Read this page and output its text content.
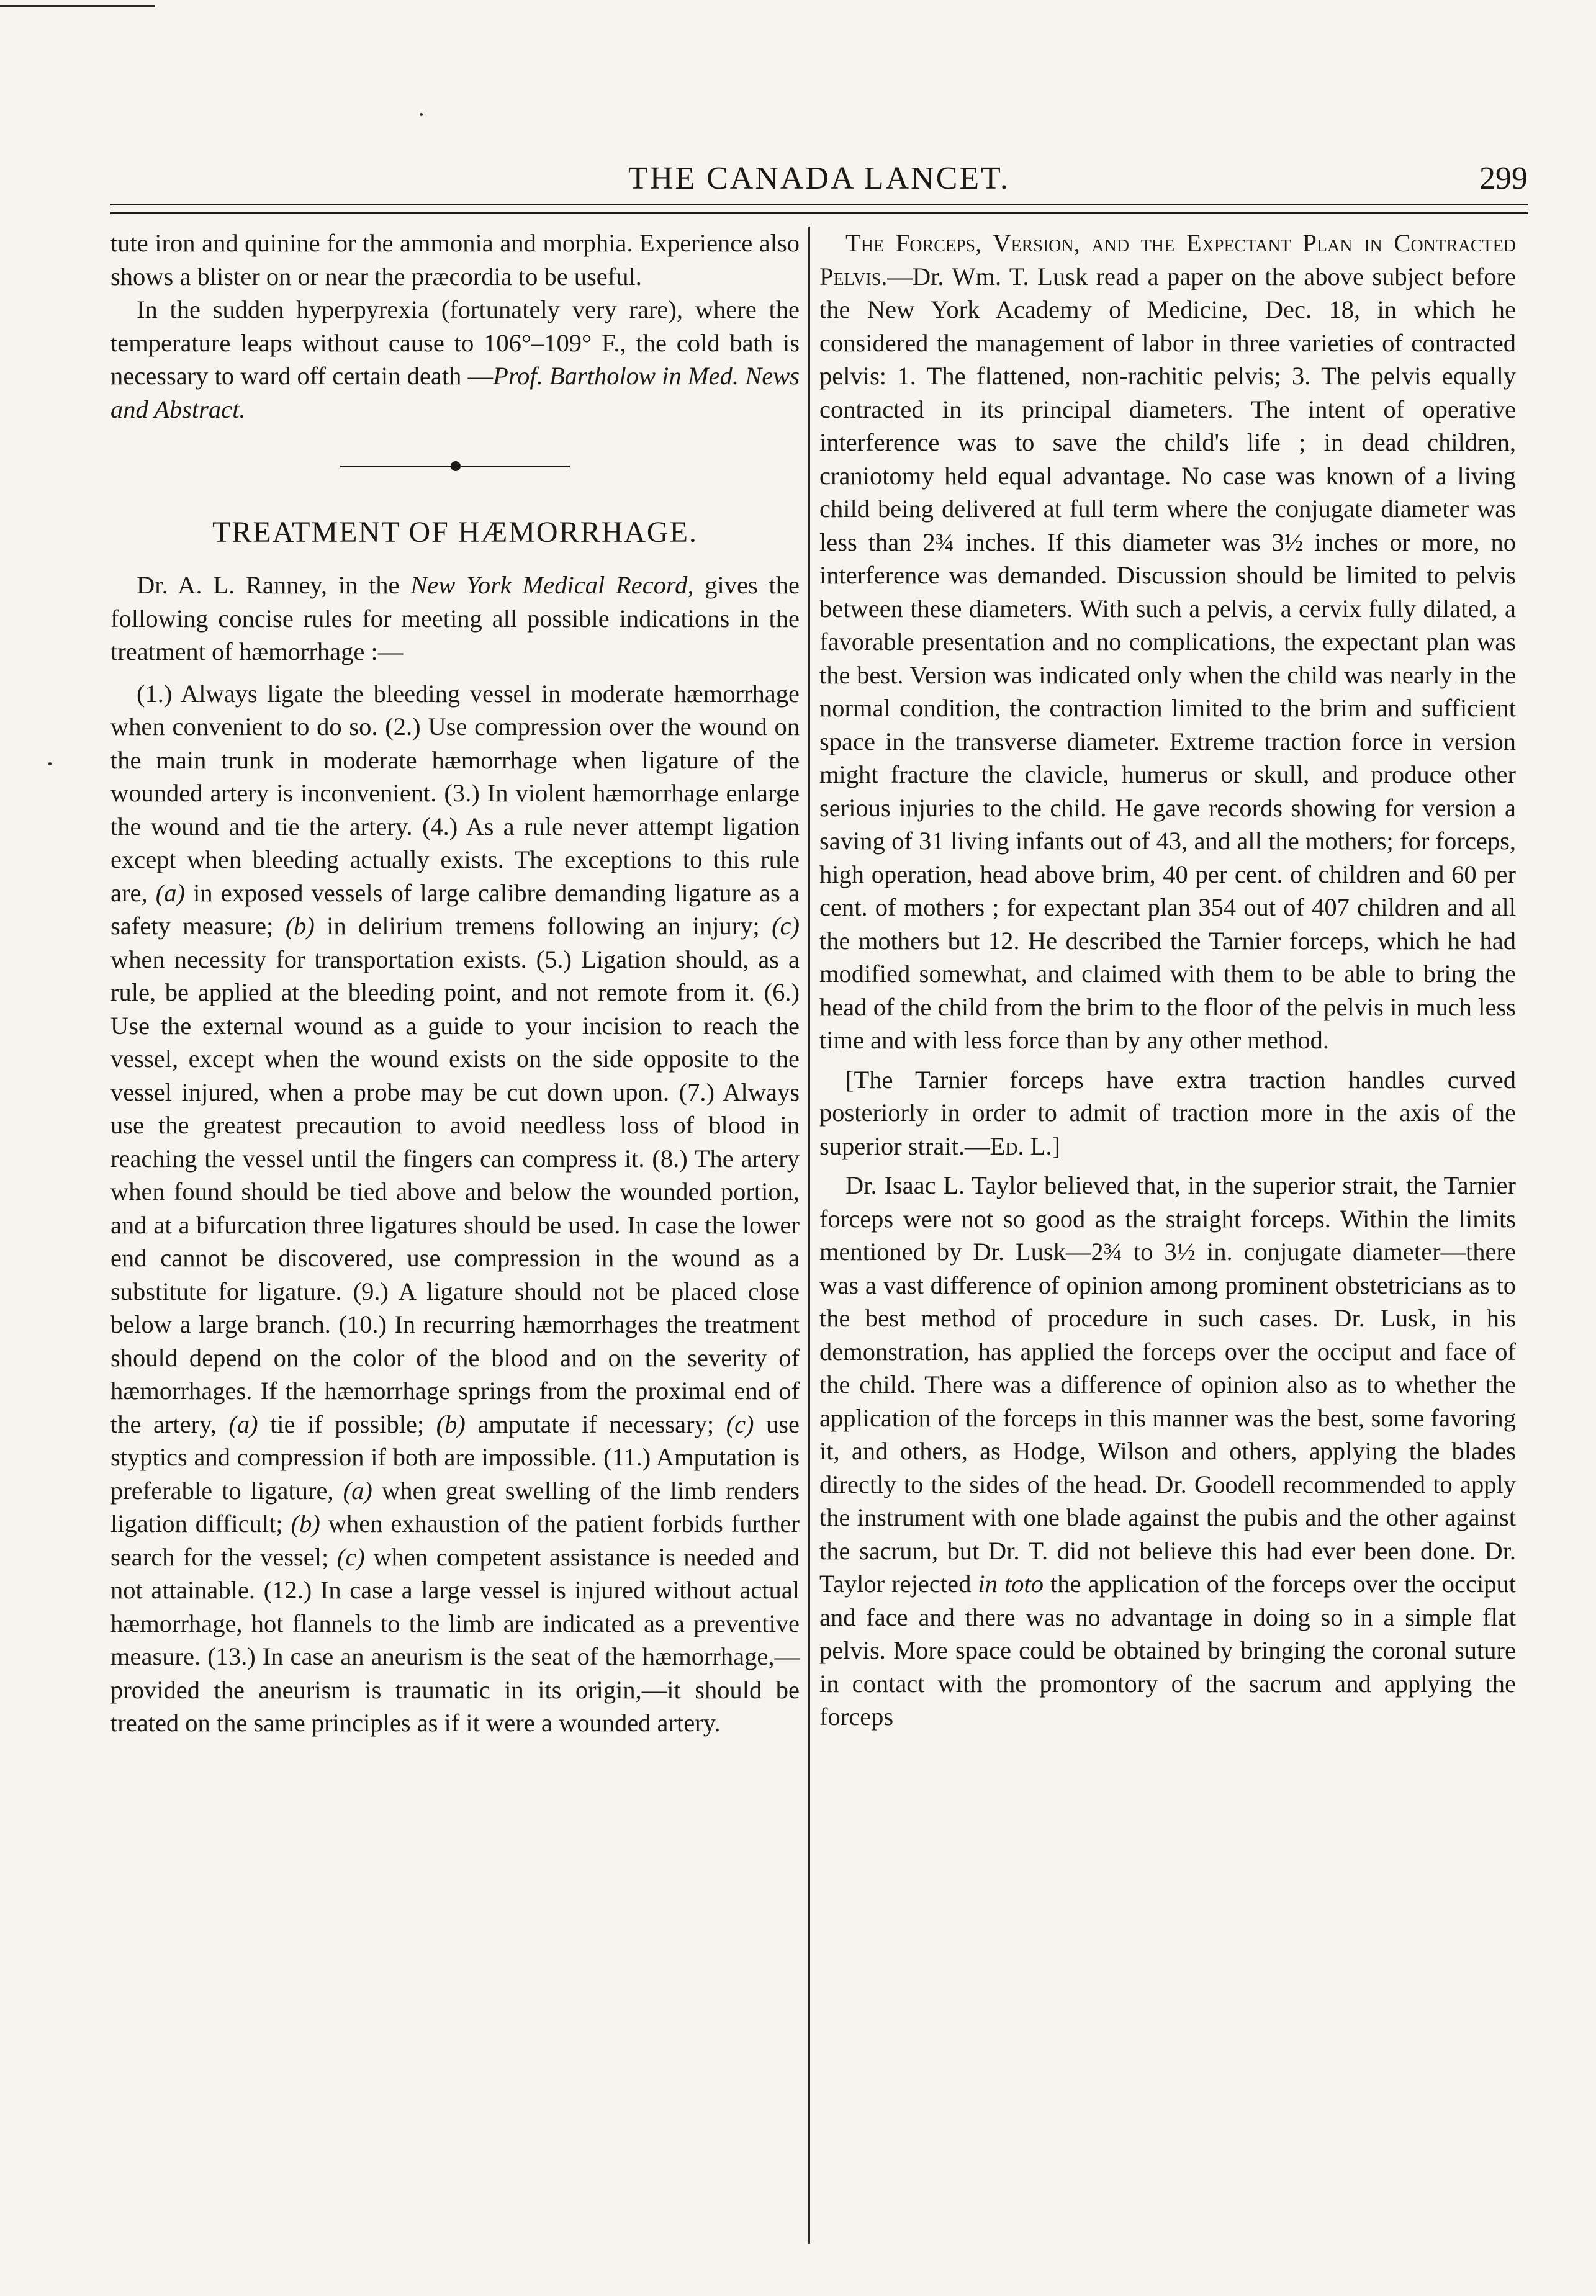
THE CANADA LANCET.	299

tute iron and quinine for the ammonia and morphia. Experience also shows a blister on or near the præcordia to be useful.

In the sudden hyperpyrexia (fortunately very rare), where the temperature leaps without cause to 106°–109° F., the cold bath is necessary to ward off certain death —Prof. Bartholow in Med. News and Abstract.

TREATMENT OF HÆMORRHAGE.

Dr. A. L. Ranney, in the New York Medical Record, gives the following concise rules for meeting all possible indications in the treatment of hæmorrhage :—

(1.) Always ligate the bleeding vessel in moderate hæmorrhage when convenient to do so. (2.) Use compression over the wound on the main trunk in moderate hæmorrhage when ligature of the wounded artery is inconvenient. (3.) In violent hæmorrhage enlarge the wound and tie the artery. (4.) As a rule never attempt ligation except when bleeding actually exists. The exceptions to this rule are, (a) in exposed vessels of large calibre demanding ligature as a safety measure; (b) in delirium tremens following an injury; (c) when necessity for transportation exists. (5.) Ligation should, as a rule, be applied at the bleeding point, and not remote from it. (6.) Use the external wound as a guide to your incision to reach the vessel, except when the wound exists on the side opposite to the vessel injured, when a probe may be cut down upon. (7.) Always use the greatest precaution to avoid needless loss of blood in reaching the vessel until the fingers can compress it. (8.) The artery when found should be tied above and below the wounded portion, and at a bifurcation three ligatures should be used. In case the lower end cannot be discovered, use compression in the wound as a substitute for ligature. (9.) A ligature should not be placed close below a large branch. (10.) In recurring hæmorrhages the treatment should depend on the color of the blood and on the severity of hæmorrhages. If the hæmorrhage springs from the proximal end of the artery, (a) tie if possible; (b) amputate if necessary; (c) use styptics and compression if both are impossible. (11.) Amputation is preferable to ligature, (a) when great swelling of the limb renders ligation difficult; (b) when exhaustion of the patient forbids further search for the vessel; (c) when competent assistance is needed and not attainable. (12.) In case a large vessel is injured without actual hæmorrhage, hot flannels to the limb are indicated as a preventive measure. (13.) In case an aneurism is the seat of the hæmorrhage,—provided the aneurism is traumatic in its origin,—it should be treated on the same principles as if it were a wounded artery.

The Forceps, Version, and the Expectant Plan in Contracted Pelvis.—Dr. Wm. T. Lusk read a paper on the above subject before the New York Academy of Medicine, Dec. 18, in which he considered the management of labor in three varieties of contracted pelvis: 1. The flattened, non-rachitic pelvis; 3. The pelvis equally contracted in its principal diameters. The intent of operative interference was to save the child's life ; in dead children, craniotomy held equal advantage. No case was known of a living child being delivered at full term where the conjugate diameter was less than 2¾ inches. If this diameter was 3½ inches or more, no interference was demanded. Discussion should be limited to pelvis between these diameters. With such a pelvis, a cervix fully dilated, a favorable presentation and no complications, the expectant plan was the best. Version was indicated only when the child was nearly in the normal condition, the contraction limited to the brim and sufficient space in the transverse diameter. Extreme traction force in version might fracture the clavicle, humerus or skull, and produce other serious injuries to the child. He gave records showing for version a saving of 31 living infants out of 43, and all the mothers; for forceps, high operation, head above brim, 40 per cent. of children and 60 per cent. of mothers ; for expectant plan 354 out of 407 children and all the mothers but 12. He described the Tarnier forceps, which he had modified somewhat, and claimed with them to be able to bring the head of the child from the brim to the floor of the pelvis in much less time and with less force than by any other method.

[The Tarnier forceps have extra traction handles curved posteriorly in order to admit of traction more in the axis of the superior strait.—Ed. L.]

Dr. Isaac L. Taylor believed that, in the superior strait, the Tarnier forceps were not so good as the straight forceps. Within the limits mentioned by Dr. Lusk—2¾ to 3½ in. conjugate diameter—there was a vast difference of opinion among prominent obstetricians as to the best method of procedure in such cases. Dr. Lusk, in his demonstration, has applied the forceps over the occiput and face of the child. There was a difference of opinion also as to whether the application of the forceps in this manner was the best, some favoring it, and others, as Hodge, Wilson and others, applying the blades directly to the sides of the head. Dr. Goodell recommended to apply the instrument with one blade against the pubis and the other against the sacrum, but Dr. T. did not believe this had ever been done. Dr. Taylor rejected in toto the application of the forceps over the occiput and face and there was no advantage in doing so in a simple flat pelvis. More space could be obtained by bringing the coronal suture in contact with the promontory of the sacrum and applying the forceps
